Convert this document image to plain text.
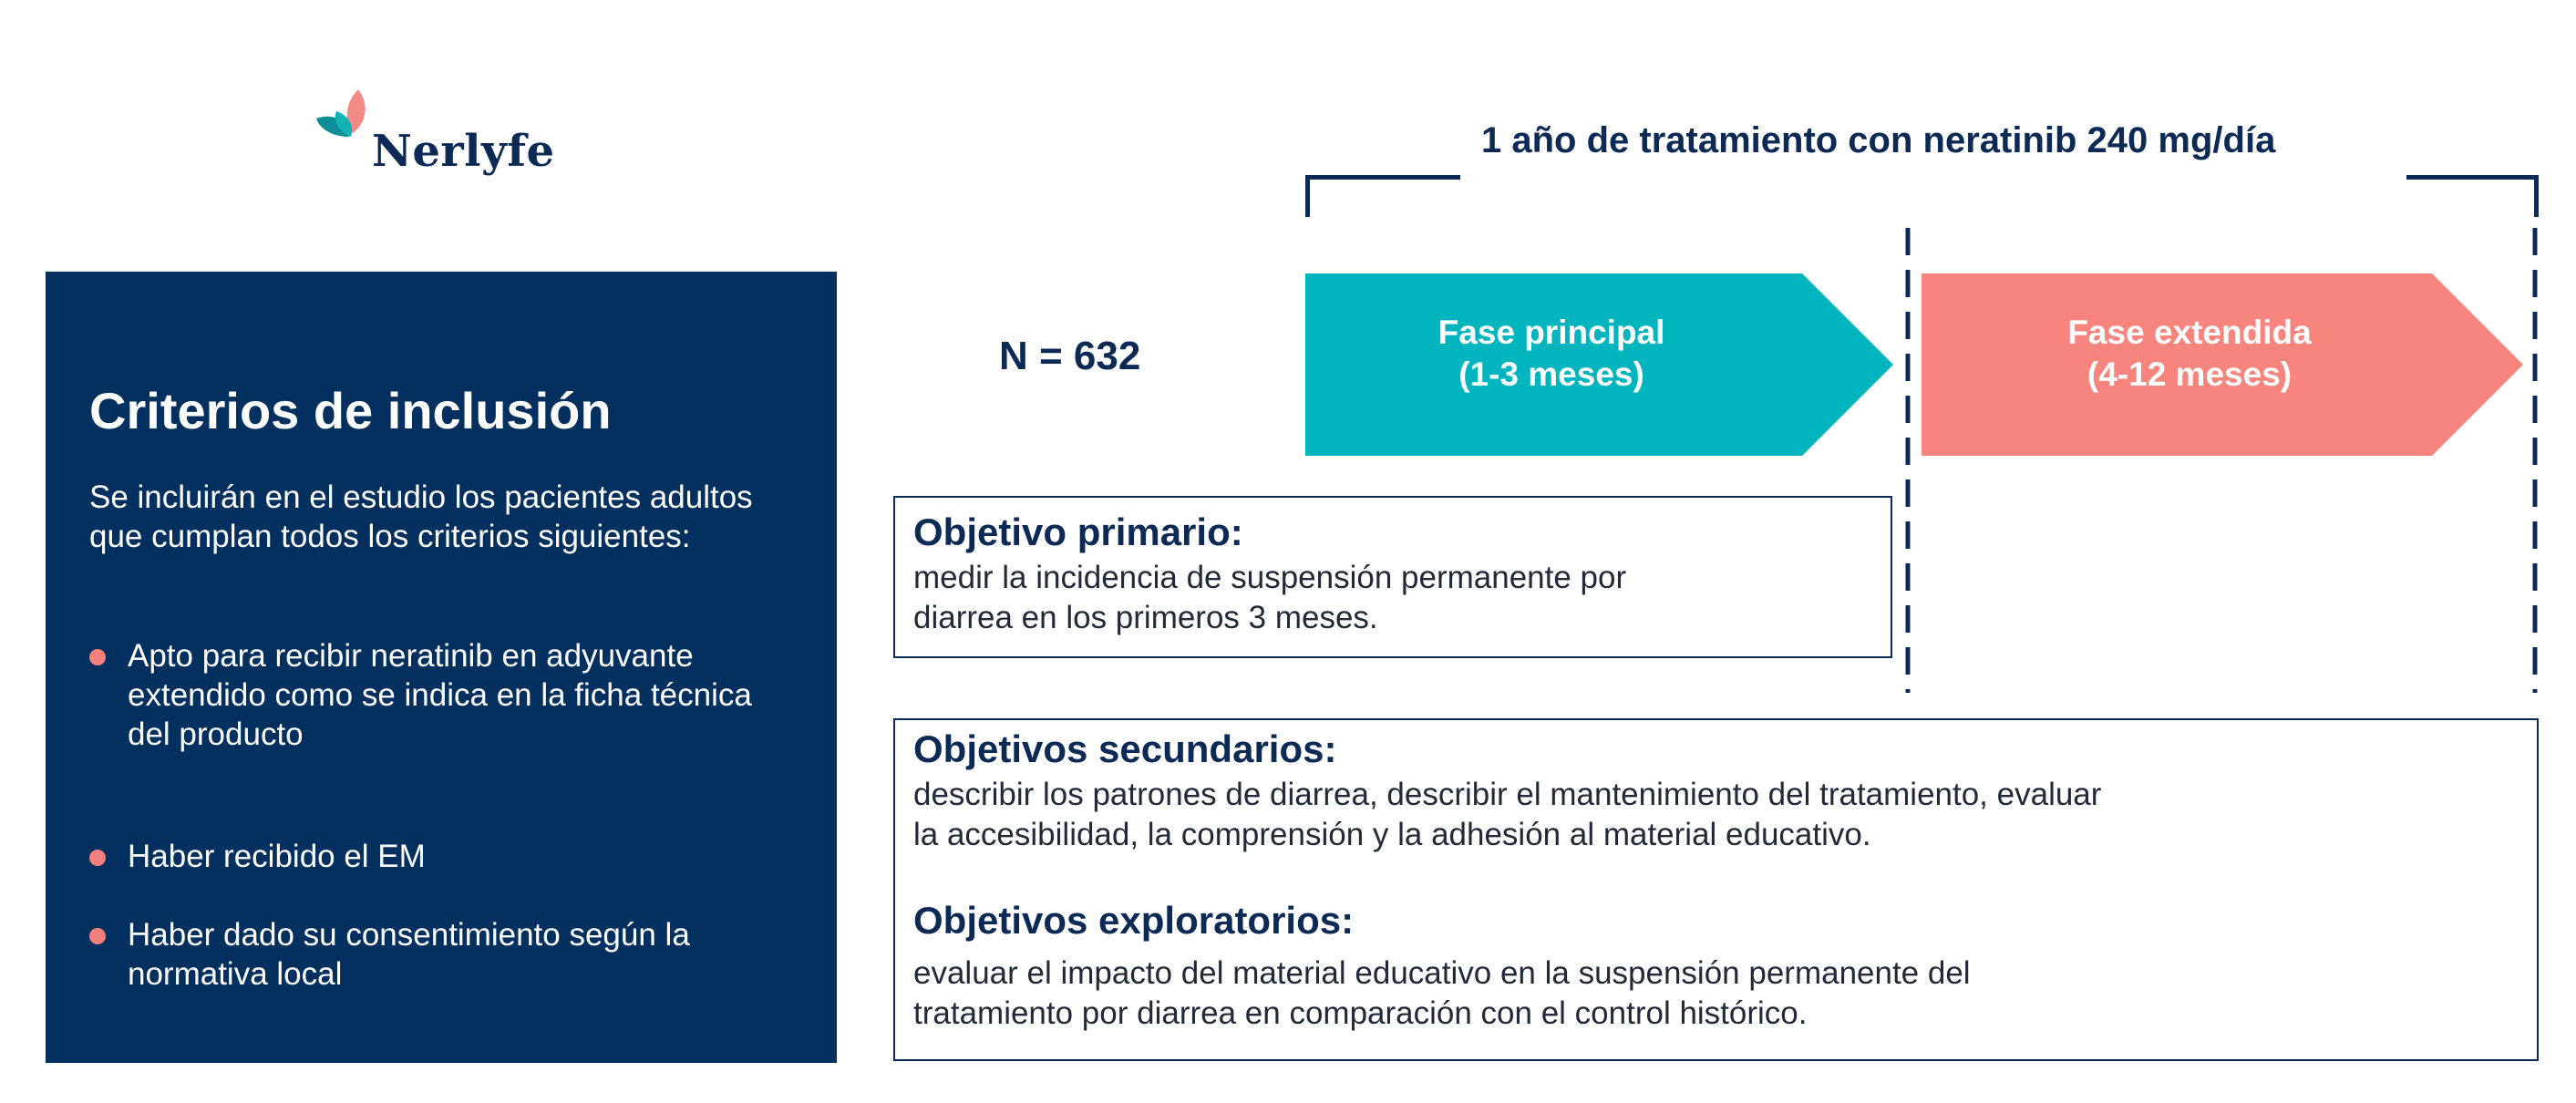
Nerlyfe
Criterios de inclusión
Se incluirán en el estudio los pacientes adultos que cumplan todos los criterios siguientes:
Apto para recibir neratinib en adyuvante extendido como se indica en la ficha técnica del producto
Haber recibido el EM
Haber dado su consentimiento según la normativa local
N = 632
1 año de tratamiento con neratinib 240 mg/día
Fase principal
(1-3 meses)
Fase extendida
(4-12 meses)
Objetivo primario:
medir la incidencia de suspensión permanente por
diarrea en los primeros 3 meses.
Objetivos secundarios:
describir los patrones de diarrea, describir el mantenimiento del tratamiento, evaluar
la accesibilidad, la comprensión y la adhesión al material educativo.
Objetivos exploratorios:
evaluar el impacto del material educativo en la suspensión permanente del
tratamiento por diarrea en comparación con el control histórico.
